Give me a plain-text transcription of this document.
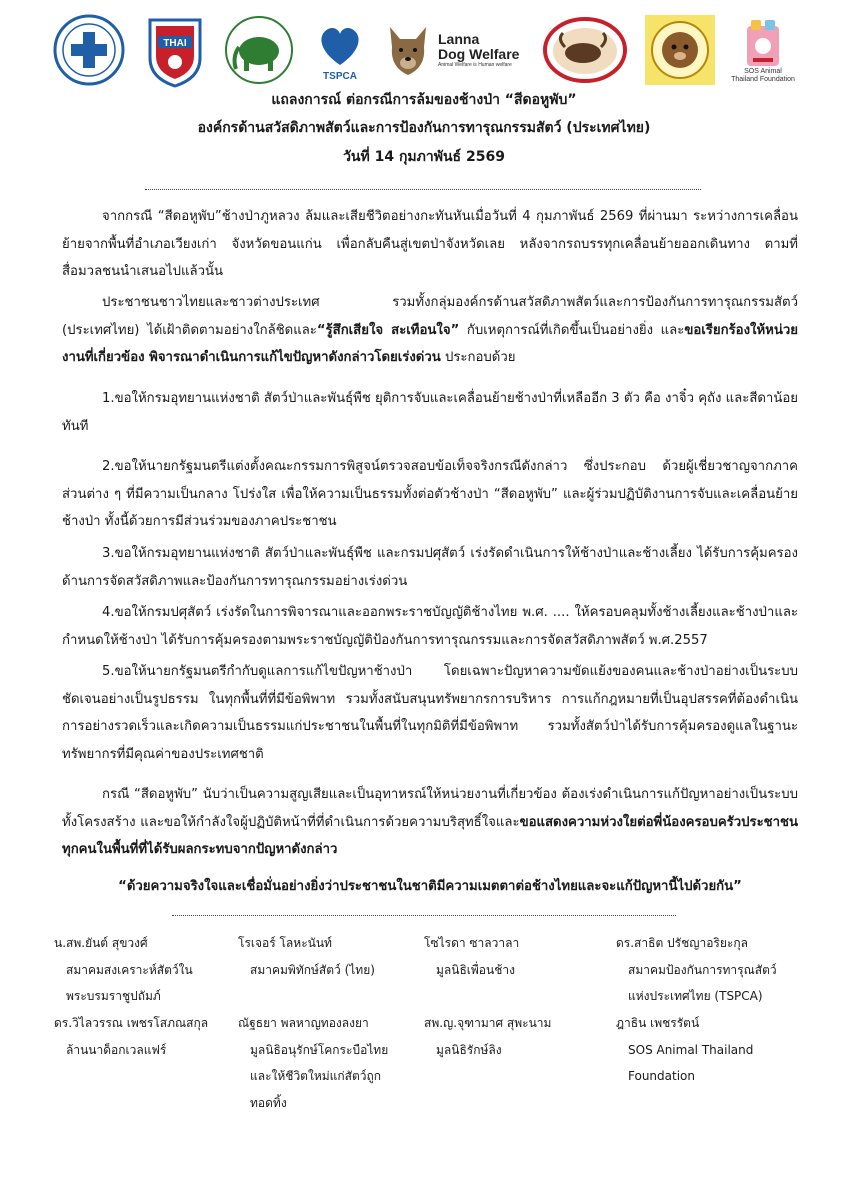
THAI
TSPCA
Lanna
Dog Welfare
Animal Welfare is Human welfare
SOS Animal
Thailand Foundation
แถลงการณ์ ต่อกรณีการล้มของช้างป่า “สีดอหูพับ”
องค์กรด้านสวัสดิภาพสัตว์และการป้องกันการทารุณกรรมสัตว์ (ประเทศไทย)
วันที่ 14 กุมภาพันธ์ 2569
จากกรณี “สีดอหูพับ”ช้างป่าภูหลวง ล้มและเสียชีวิตอย่างกะทันหันเมื่อวันที่ 4 กุมภาพันธ์ 2569 ที่ผ่านมา ระหว่างการเคลื่อนย้ายจากพื้นที่อำเภอเวียงเก่า จังหวัดขอนแก่น เพื่อกลับคืนสู่เขตป่าจังหวัดเลย หลังจากรถบรรทุกเคลื่อนย้ายออกเดินทาง ตามที่สื่อมวลชนนำเสนอไปแล้วนั้น
ประชาชนชาวไทยและชาวต่างประเทศ รวมทั้งกลุ่มองค์กรด้านสวัสดิภาพสัตว์และการป้องกันการทารุณกรรมสัตว์ (ประเทศไทย) ได้เฝ้าติดตามอย่างใกล้ชิดและ“รู้สึกเสียใจ สะเทือนใจ” กับเหตุการณ์ที่เกิดขึ้นเป็นอย่างยิ่ง และขอเรียกร้องให้หน่วยงานที่เกี่ยวข้อง พิจารณาดำเนินการแก้ไขปัญหาดังกล่าวโดยเร่งด่วน ประกอบด้วย
1.ขอให้กรมอุทยานแห่งชาติ สัตว์ป่าและพันธุ์พืช ยุติการจับและเคลื่อนย้ายช้างป่าที่เหลืออีก 3 ตัว คือ งาจิ๋ว คุถัง และสีดาน้อย ทันที
2.ขอให้นายกรัฐมนตรีแต่งตั้งคณะกรรมการพิสูจน์ตรวจสอบข้อเท็จจริงกรณีดังกล่าว ซึ่งประกอบ ด้วยผู้เชี่ยวชาญจากภาคส่วนต่าง ๆ ที่มีความเป็นกลาง โปร่งใส เพื่อให้ความเป็นธรรมทั้งต่อตัวช้างป่า “สีดอหูพับ” และผู้ร่วมปฏิบัติงานการจับและเคลื่อนย้ายช้างป่า ทั้งนี้ด้วยการมีส่วนร่วมของภาคประชาชน
3.ขอให้กรมอุทยานแห่งชาติ สัตว์ป่าและพันธุ์พืช และกรมปศุสัตว์ เร่งรัดดำเนินการให้ช้างป่าและช้างเลี้ยง ได้รับการคุ้มครองด้านการจัดสวัสดิภาพและป้องกันการทารุณกรรมอย่างเร่งด่วน
4.ขอให้กรมปศุสัตว์ เร่งรัดในการพิจารณาและออกพระราชบัญญัติช้างไทย พ.ศ. .... ให้ครอบคลุมทั้งช้างเลี้ยงและช้างป่าและกำหนดให้ช้างป่า ได้รับการคุ้มครองตามพระราชบัญญัติป้องกันการทารุณกรรมและการจัดสวัสดิภาพสัตว์ พ.ศ.2557
5.ขอให้นายกรัฐมนตรีกำกับดูแลการแก้ไขปัญหาช้างป่า โดยเฉพาะปัญหาความขัดแย้งของคนและช้างป่าอย่างเป็นระบบ ชัดเจนอย่างเป็นรูปธรรม ในทุกพื้นที่ที่มีข้อพิพาท รวมทั้งสนับสนุนทรัพยากรการบริหาร การแก้กฎหมายที่เป็นอุปสรรคที่ต้องดำเนินการอย่างรวดเร็วและเกิดความเป็นธรรมแก่ประชาชนในพื้นที่ในทุกมิติที่มีข้อพิพาท รวมทั้งสัตว์ป่าได้รับการคุ้มครองดูแลในฐานะทรัพยากรที่มีคุณค่าของประเทศชาติ
กรณี “สีดอหูพับ” นับว่าเป็นความสูญเสียและเป็นอุทาหรณ์ให้หน่วยงานที่เกี่ยวข้อง ต้องเร่งดำเนินการแก้ปัญหาอย่างเป็นระบบทั้งโครงสร้าง และขอให้กำลังใจผู้ปฏิบัติหน้าที่ที่ดำเนินการด้วยความบริสุทธิ์ใจและขอแสดงความห่วงใยต่อพี่น้องครอบครัวประชาชนทุกคนในพื้นที่ที่ได้รับผลกระทบจากปัญหาดังกล่าว
“ด้วยความจริงใจและเชื่อมั่นอย่างยิ่งว่าประชาชนในชาติมีความเมตตาต่อช้างไทยและจะแก้ปัญหานี้ไปด้วยกัน”
น.สพ.ยันต์ สุขวงศ์
สมาคมสงเคราะห์สัตว์ใน
พระบรมราชูปถัมภ์
โรเจอร์ โลหะนันท์
สมาคมพิทักษ์สัตว์ (ไทย)
โซไรดา ซาลวาลา
มูลนิธิเพื่อนช้าง
ดร.สาธิต ปรัชญาอริยะกุล
สมาคมป้องกันการทารุณสัตว์
แห่งประเทศไทย (TSPCA)
ดร.วิไลวรรณ เพชรโสภณสกุล
ล้านนาด็อกเวลแฟร์
ณัฐธยา พลหาญทองลงยา
มูลนิธิอนุรักษ์โคกระบือไทย
และให้ชีวิตใหม่แก่สัตว์ถูก
ทอดทิ้ง
สพ.ญ.จุฑามาศ สุพะนาม
มูลนิธิรักษ์ลิง
ฎาธิน เพชรรัตน์
SOS Animal Thailand
Foundation
